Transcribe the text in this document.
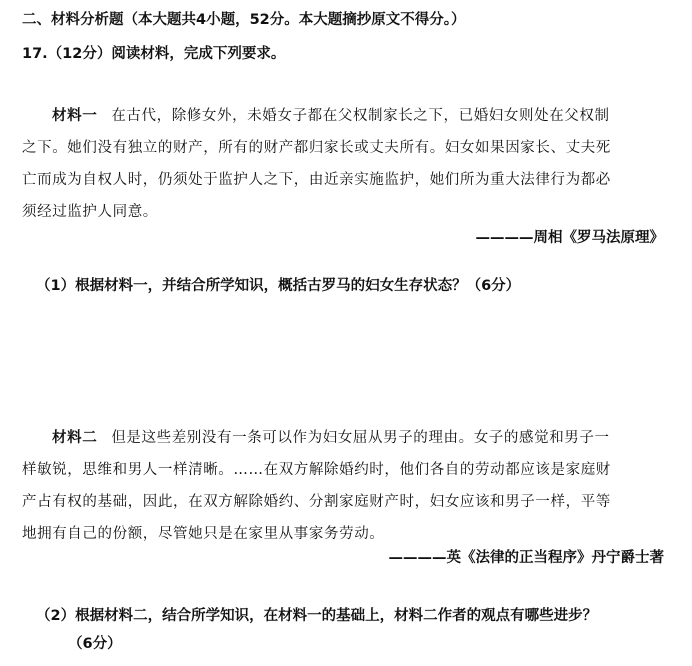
二、材料分析题（本大题共4小题，52分。本大题摘抄原文不得分。）
17.（12分）阅读材料，完成下列要求。
材料一 在古代，除修女外，未婚女子都在父权制家长之下，已婚妇女则处在父权制
之下。她们没有独立的财产，所有的财产都归家长或丈夫所有。妇女如果因家长、丈夫死
亡而成为自权人时，仍须处于监护人之下，由近亲实施监护，她们所为重大法律行为都必
须经过监护人同意。
————周相《罗马法原理》
（1）根据材料一，并结合所学知识，概括古罗马的妇女生存状态？（6分）
材料二 但是这些差别没有一条可以作为妇女屈从男子的理由。女子的感觉和男子一
样敏锐，思维和男人一样清晰。……在双方解除婚约时，他们各自的劳动都应该是家庭财
产占有权的基础，因此，在双方解除婚约、分割家庭财产时，妇女应该和男子一样，平等
地拥有自己的份额，尽管她只是在家里从事家务劳动。
————英《法律的正当程序》丹宁爵士著
（2）根据材料二，结合所学知识，在材料一的基础上，材料二作者的观点有哪些进步？
（6分）
